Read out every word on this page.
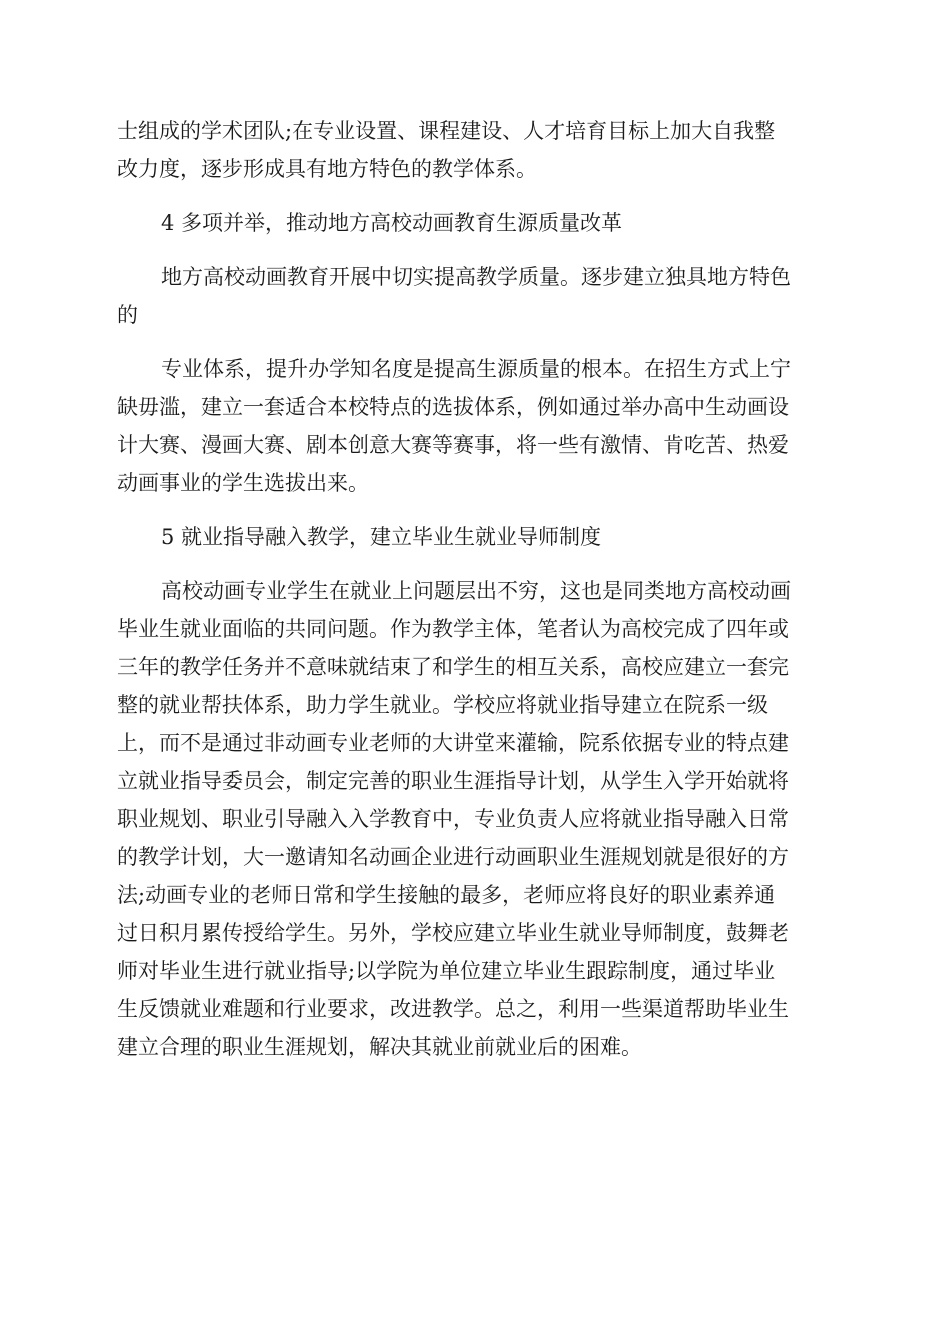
士组成的学术团队;在专业设置、课程建设、人才培育目标上加大自我整
改力度，逐步形成具有地方特色的教学体系。
4 多项并举，推动地方高校动画教育生源质量改革
地方高校动画教育开展中切实提高教学质量。逐步建立独具地方特色
的
专业体系，提升办学知名度是提高生源质量的根本。在招生方式上宁
缺毋滥，建立一套适合本校特点的选拔体系，例如通过举办高中生动画设
计大赛、漫画大赛、剧本创意大赛等赛事，将一些有激情、肯吃苦、热爱
动画事业的学生选拔出来。
5 就业指导融入教学，建立毕业生就业导师制度
高校动画专业学生在就业上问题层出不穷，这也是同类地方高校动画
毕业生就业面临的共同问题。作为教学主体，笔者认为高校完成了四年或
三年的教学任务并不意味就结束了和学生的相互关系，高校应建立一套完
整的就业帮扶体系，助力学生就业。学校应将就业指导建立在院系一级
上，而不是通过非动画专业老师的大讲堂来灌输，院系依据专业的特点建
立就业指导委员会，制定完善的职业生涯指导计划，从学生入学开始就将
职业规划、职业引导融入入学教育中，专业负责人应将就业指导融入日常
的教学计划，大一邀请知名动画企业进行动画职业生涯规划就是很好的方
法;动画专业的老师日常和学生接触的最多，老师应将良好的职业素养通
过日积月累传授给学生。另外，学校应建立毕业生就业导师制度，鼓舞老
师对毕业生进行就业指导;以学院为单位建立毕业生跟踪制度，通过毕业
生反馈就业难题和行业要求，改进教学。总之，利用一些渠道帮助毕业生
建立合理的职业生涯规划，解决其就业前就业后的困难。
